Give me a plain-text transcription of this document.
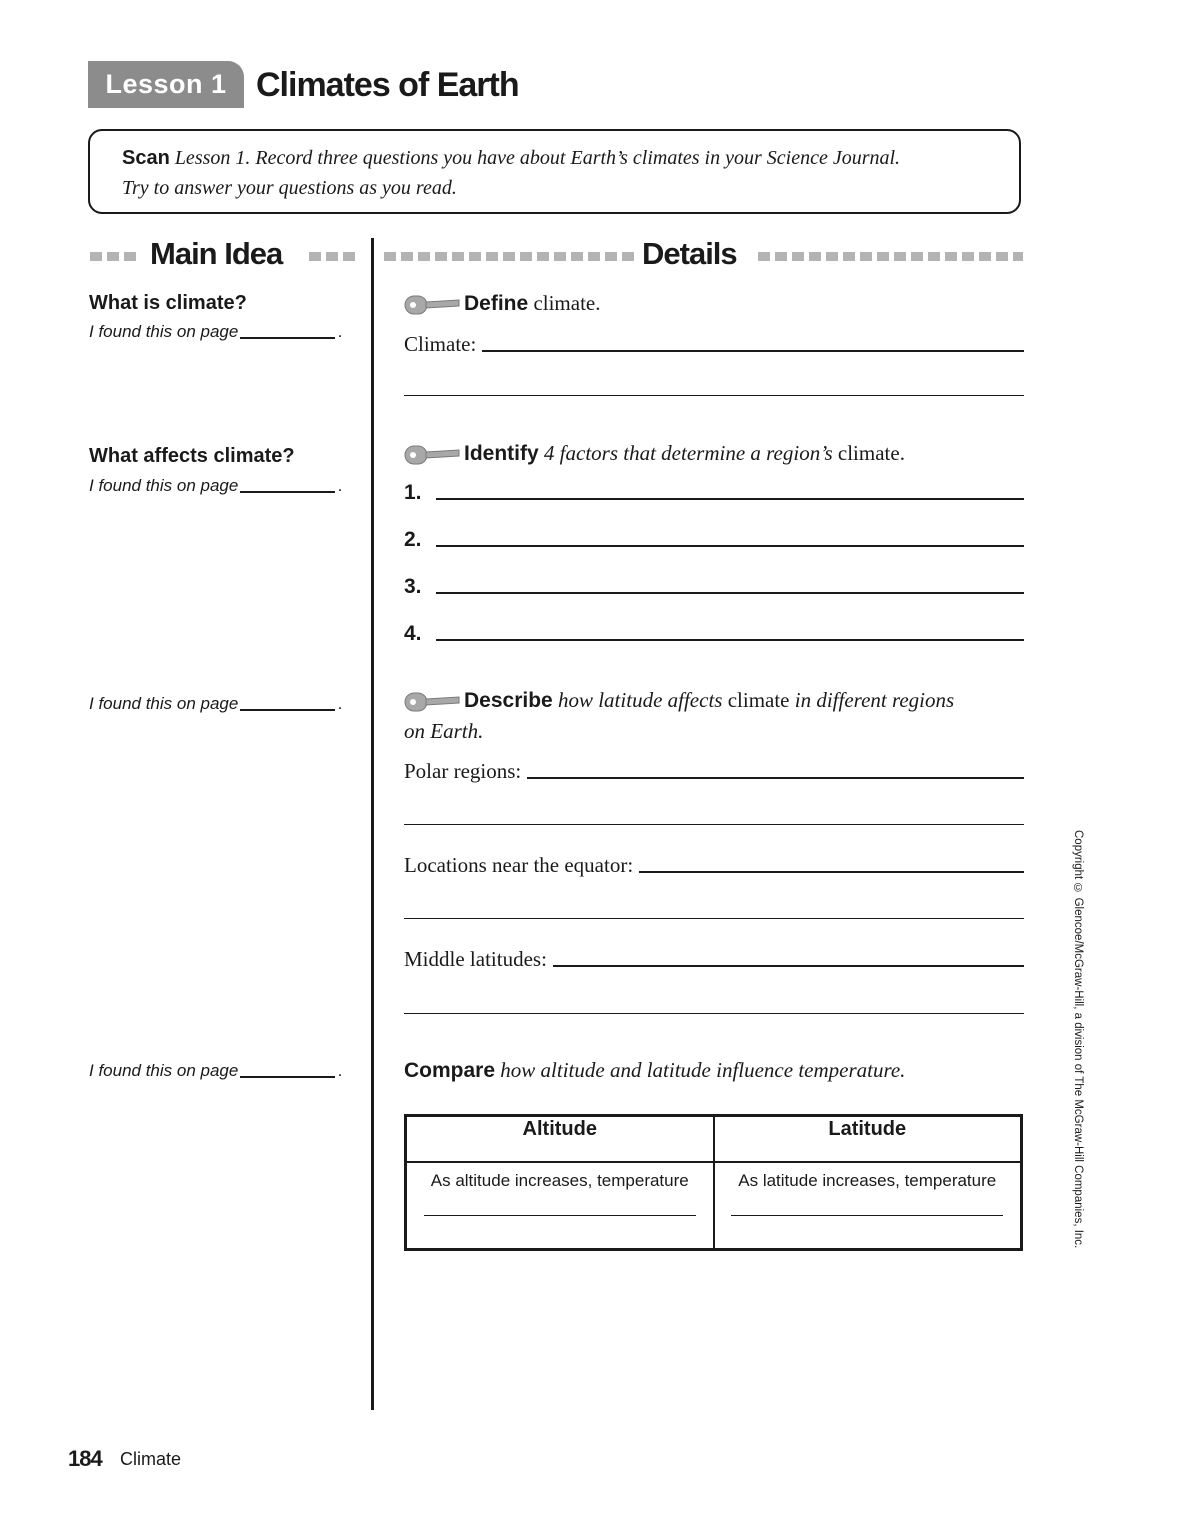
Lesson 1 Climates of Earth
Scan Lesson 1. Record three questions you have about Earth’s climates in your Science Journal.
Try to answer your questions as you read.
Main Idea	Details
What is climate?
I found this on page	.
What affects climate?
I found this on page	.
I found this on page	.
I found this on page	.
Define climate.
Climate:
Identify 4 factors that determine a region’s climate.
1.
2.
3.
4.
Describe how latitude affects climate in different regions
on Earth.
Polar regions:
Locations near the equator:
Middle latitudes:
Compare how altitude and latitude influence temperature.
Altitude	Latitude

As altitude increases, temperature	As latitude increases, temperature
184 Climate
Copyright © Glencoe/McGraw-Hill, a division of The McGraw-Hill Companies, Inc.
